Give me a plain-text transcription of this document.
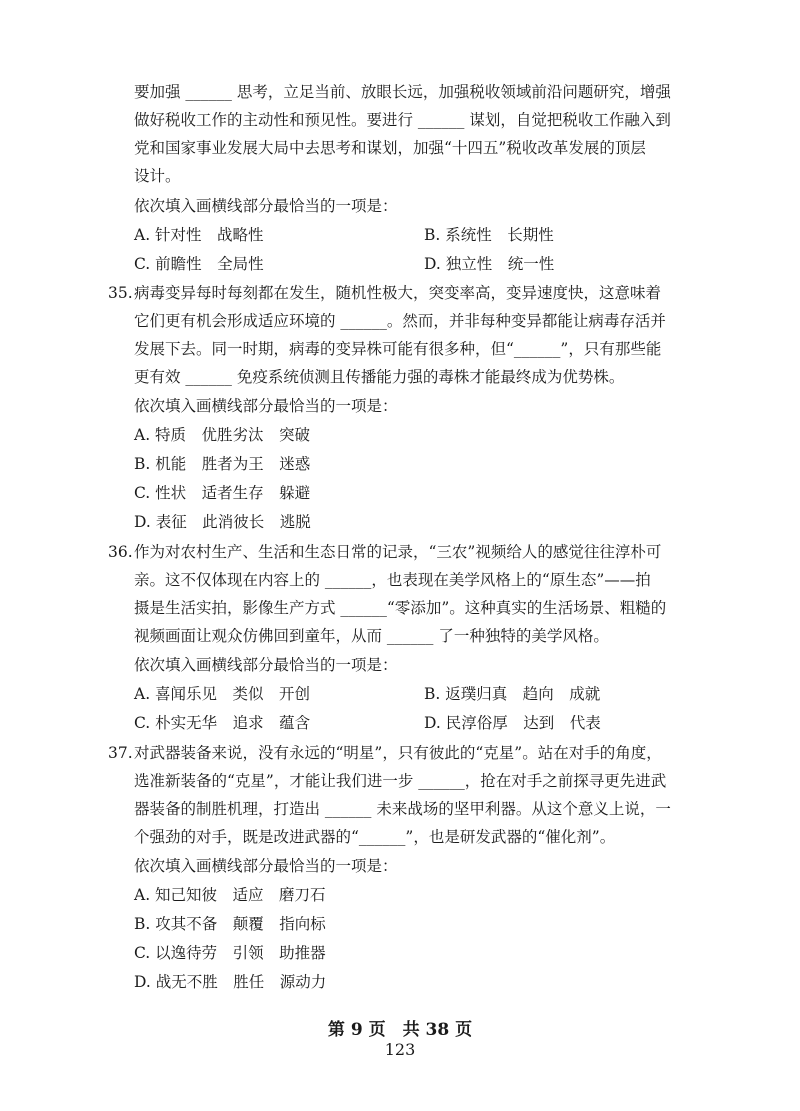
要加强 ______ 思考，立足当前、放眼长远，加强税收领域前沿问题研究，增强
做好税收工作的主动性和预见性。要进行 ______ 谋划，自觉把税收工作融入到
党和国家事业发展大局中去思考和谋划，加强“十四五”税收改革发展的顶层
设计。
依次填入画横线部分最恰当的一项是：
A. 针对性　战略性	B. 系统性　长期性
C. 前瞻性　全局性	D. 独立性　统一性
35. 病毒变异每时每刻都在发生，随机性极大，突变率高，变异速度快，这意味着
它们更有机会形成适应环境的 ______。然而，并非每种变异都能让病毒存活并
发展下去。同一时期，病毒的变异株可能有很多种，但“______”，只有那些能
更有效 ______ 免疫系统侦测且传播能力强的毒株才能最终成为优势株。
依次填入画横线部分最恰当的一项是：
A. 特质　优胜劣汰　突破
B. 机能　胜者为王　迷惑
C. 性状　适者生存　躲避
D. 表征　此消彼长　逃脱
36. 作为对农村生产、生活和生态日常的记录，“三农”视频给人的感觉往往淳朴可
亲。这不仅体现在内容上的 ______，也表现在美学风格上的“原生态”——拍
摄是生活实拍，影像生产方式 ______“零添加”。这种真实的生活场景、粗糙的
视频画面让观众仿佛回到童年，从而 ______ 了一种独特的美学风格。
依次填入画横线部分最恰当的一项是：
A. 喜闻乐见　类似　开创	B. 返璞归真　趋向　成就
C. 朴实无华　追求　蕴含	D. 民淳俗厚　达到　代表
37. 对武器装备来说，没有永远的“明星”，只有彼此的“克星”。站在对手的角度，
选准新装备的“克星”，才能让我们进一步 ______，抢在对手之前探寻更先进武
器装备的制胜机理，打造出 ______ 未来战场的坚甲利器。从这个意义上说，一
个强劲的对手，既是改进武器的“______”，也是研发武器的“催化剂”。
依次填入画横线部分最恰当的一项是：
A. 知己知彼　适应　磨刀石
B. 攻其不备　颠覆　指向标
C. 以逸待劳　引领　助推器
D. 战无不胜　胜任　源动力
第 9 页　共 38 页
123
